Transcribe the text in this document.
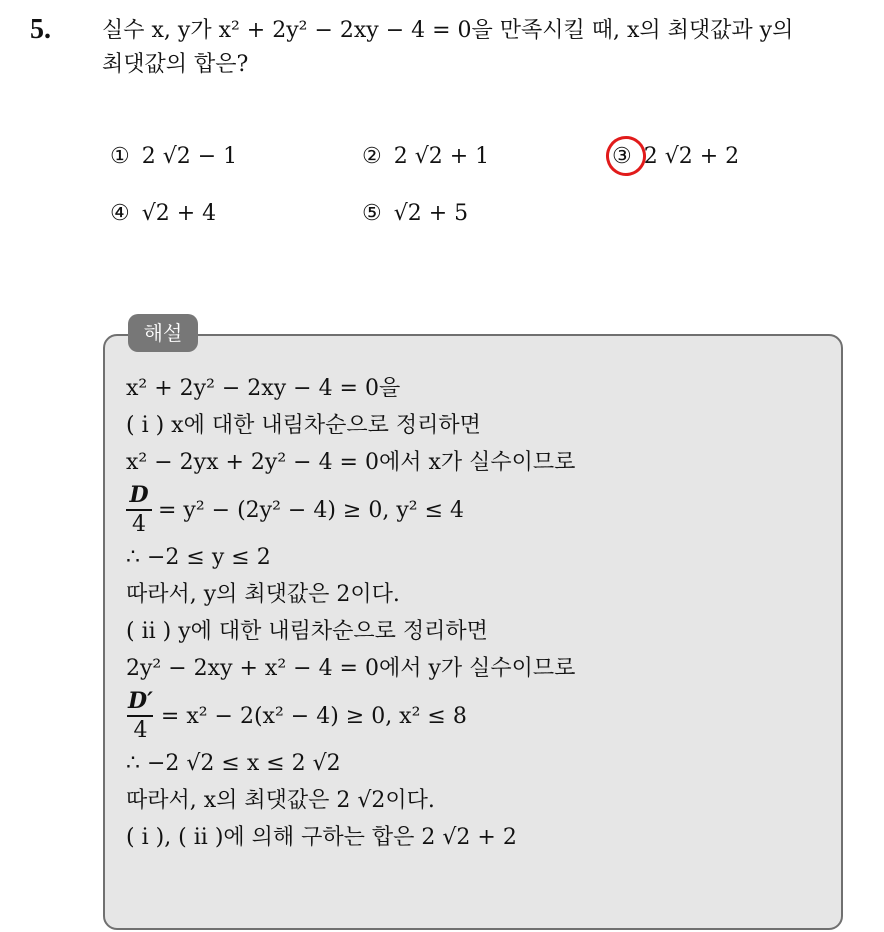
5. 실수 x, y가 x² + 2y² − 2xy − 4 = 0을 만족시킬 때, x의 최댓값과 y의
최댓값의 합은?
① 2 √2 − 1	② 2 √2 + 1	③ 2 √2 + 2
④ √2 + 4	⑤ √2 + 5
해설
x² + 2y² − 2xy − 4 = 0을
( i ) x에 대한 내림차순으로 정리하면
x² − 2yx + 2y² − 4 = 0에서 x가 실수이므로
$\frac{D}{4} = y^2 - (2y^2 - 4) \ge 0$, y² ≤ 4
∴ −2 ≤ y ≤ 2
따라서, y의 최댓값은 2이다.
( ii ) y에 대한 내림차순으로 정리하면
2y² − 2xy + x² − 4 = 0에서 y가 실수이므로
$\frac{D'}{4} = x^2 - 2(x^2 - 4) \ge 0$, x² ≤ 8
∴ −2 √2 ≤ x ≤ 2 √2
따라서, x의 최댓값은 2 √2이다.
( i ), ( ii )에 의해 구하는 합은 2 √2 + 2
